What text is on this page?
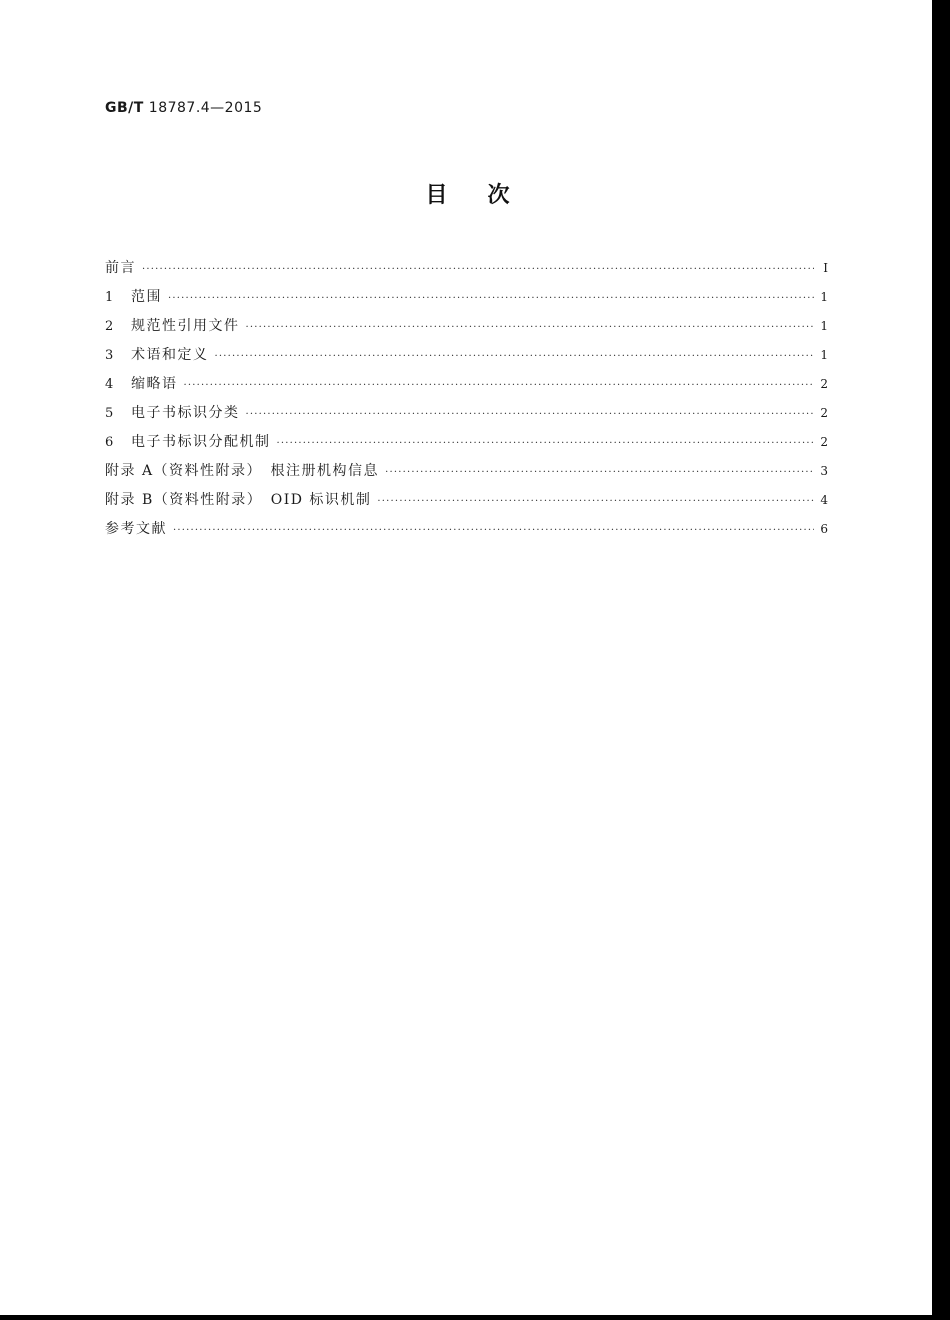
GB/T 18787.4—2015
目 次
前言 ·····	Ⅰ
1	范围 ·····	1
2	规范性引用文件 ·····	1
3	术语和定义 ·····	1
4	缩略语 ·····	2
5	电子书标识分类 ·····	2
6	电子书标识分配机制 ·····	2
附录 A（资料性附录）　根注册机构信息 ·····	3
附录 B（资料性附录）　OID 标识机制 ·····	4
参考文献 ·····	6
